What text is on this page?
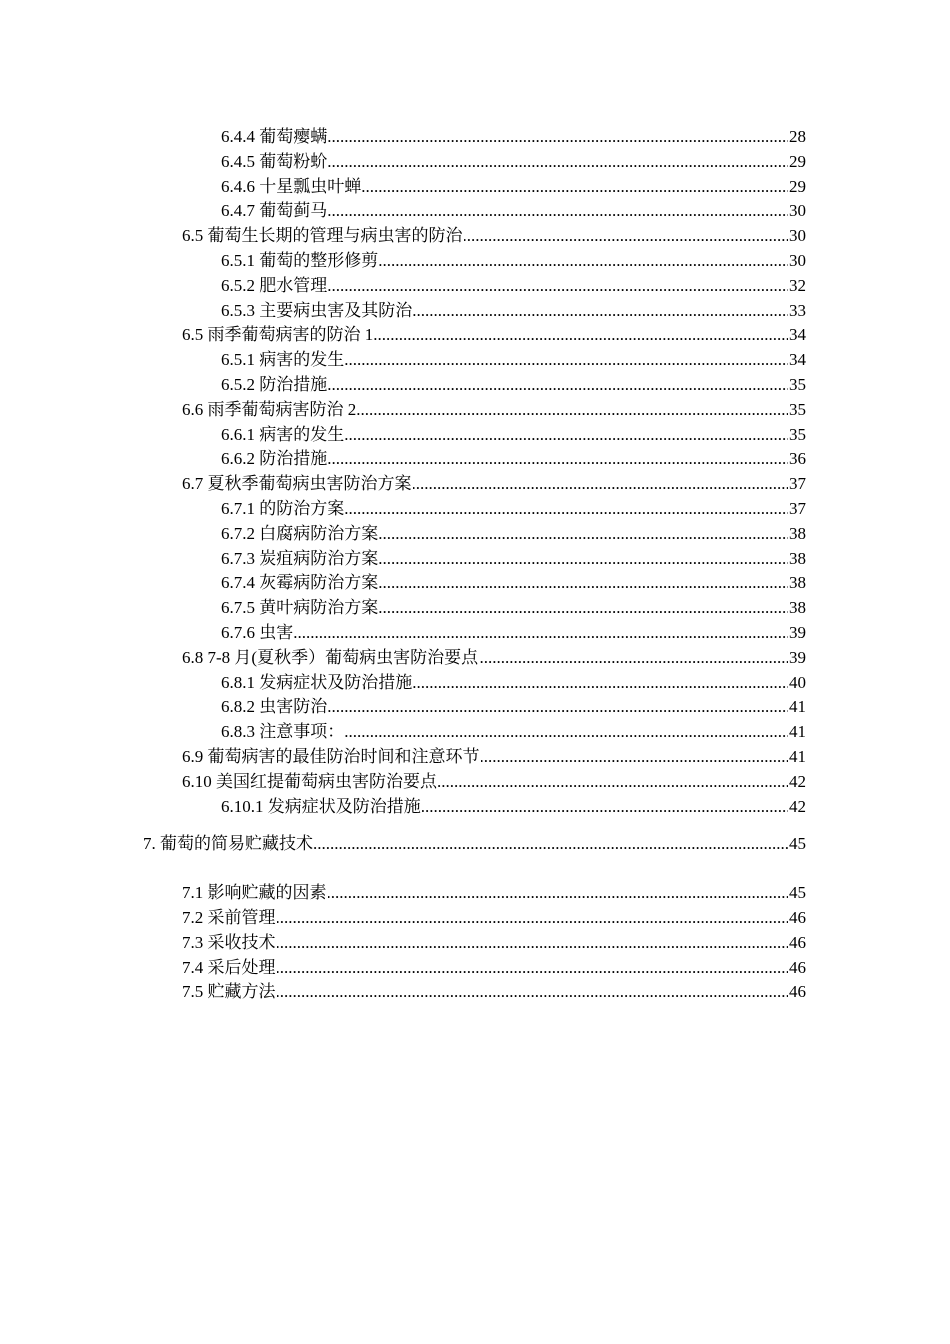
.....
6.4.4 葡萄瘿螨	28
.....
6.4.5 葡萄粉蚧	29
.....
6.4.6 十星瓢虫叶蝉	29
.....
6.4.7 葡萄蓟马	30
.....
6.5 葡萄生长期的管理与病虫害的防治	30
.....
6.5.1 葡萄的整形修剪	30
.....
6.5.2 肥水管理	32
.....
6.5.3 主要病虫害及其防治	33
.....
6.5 雨季葡萄病害的防治 1	34
.....
6.5.1 病害的发生	34
.....
6.5.2 防治措施	35
.....
6.6 雨季葡萄病害防治 2	35
.....
6.6.1 病害的发生	35
.....
6.6.2 防治措施	36
.....
6.7 夏秋季葡萄病虫害防治方案	37
.....
6.7.1 的防治方案	37
.....
6.7.2 白腐病防治方案	38
.....
6.7.3 炭疽病防治方案	38
.....
6.7.4 灰霉病防治方案	38
.....
6.7.5 黄叶病防治方案	38
.....
6.7.6 虫害	39
.....
6.8 7-8 月(夏秋季）葡萄病虫害防治要点	39
.....
6.8.1 发病症状及防治措施	40
.....
6.8.2 虫害防治	41
.....
6.8.3 注意事项：	41
.....
6.9 葡萄病害的最佳防治时间和注意环节	41
.....
6.10 美国红提葡萄病虫害防治要点	42
.....
6.10.1 发病症状及防治措施	42
.....
7. 葡萄的简易贮藏技术	45
.....
7.1 影响贮藏的因素	45
.....
7.2 采前管理	46
.....
7.3 采收技术	46
.....
7.4 采后处理	46
.....
7.5 贮藏方法	46
